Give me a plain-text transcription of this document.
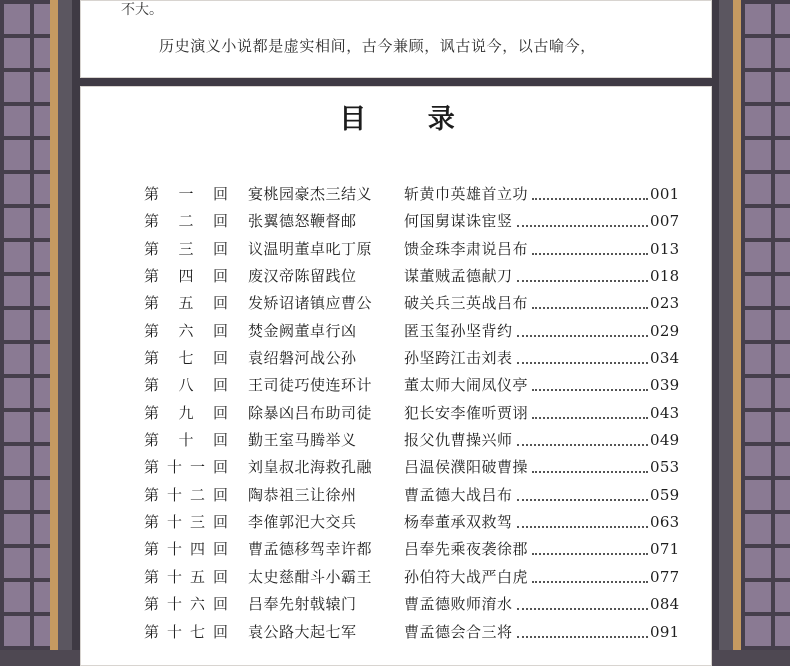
不大。
历史演义小说都是虚实相间，古今兼顾，讽古说今，以古喻今，
目 录
第 一 回 宴桃园豪杰三结义 斩黄巾英雄首立功	001
第 二 回 张翼德怒鞭督邮	何国舅谋诛宦竖	007
第 三 回 议温明董卓叱丁原 馈金珠李肃说吕布	013
第 四 回 废汉帝陈留践位	谋董贼孟德献刀	018
第 五 回 发矫诏诸镇应曹公 破关兵三英战吕布	023
第 六 回 焚金阙董卓行凶	匿玉玺孙坚背约	029
第 七 回 袁绍磐河战公孙	孙坚跨江击刘表	034
第 八 回 王司徒巧使连环计 董太师大闹凤仪亭	039
第 九 回 除暴凶吕布助司徒 犯长安李傕听贾诩	043
第 十 回 勤王室马腾举义	报父仇曹操兴师	049
第 十 一 回 刘皇叔北海救孔融 吕温侯濮阳破曹操	053
第 十 二 回 陶恭祖三让徐州	曹孟德大战吕布	059
第 十 三 回 李傕郭汜大交兵	杨奉董承双救驾	063
第 十 四 回 曹孟德移驾幸许都 吕奉先乘夜袭徐郡	071
第 十 五 回 太史慈酣斗小霸王 孙伯符大战严白虎	077
第 十 六 回 吕奉先射戟辕门	曹孟德败师淯水	084
第 十 七 回 袁公路大起七军	曹孟德会合三将	091
